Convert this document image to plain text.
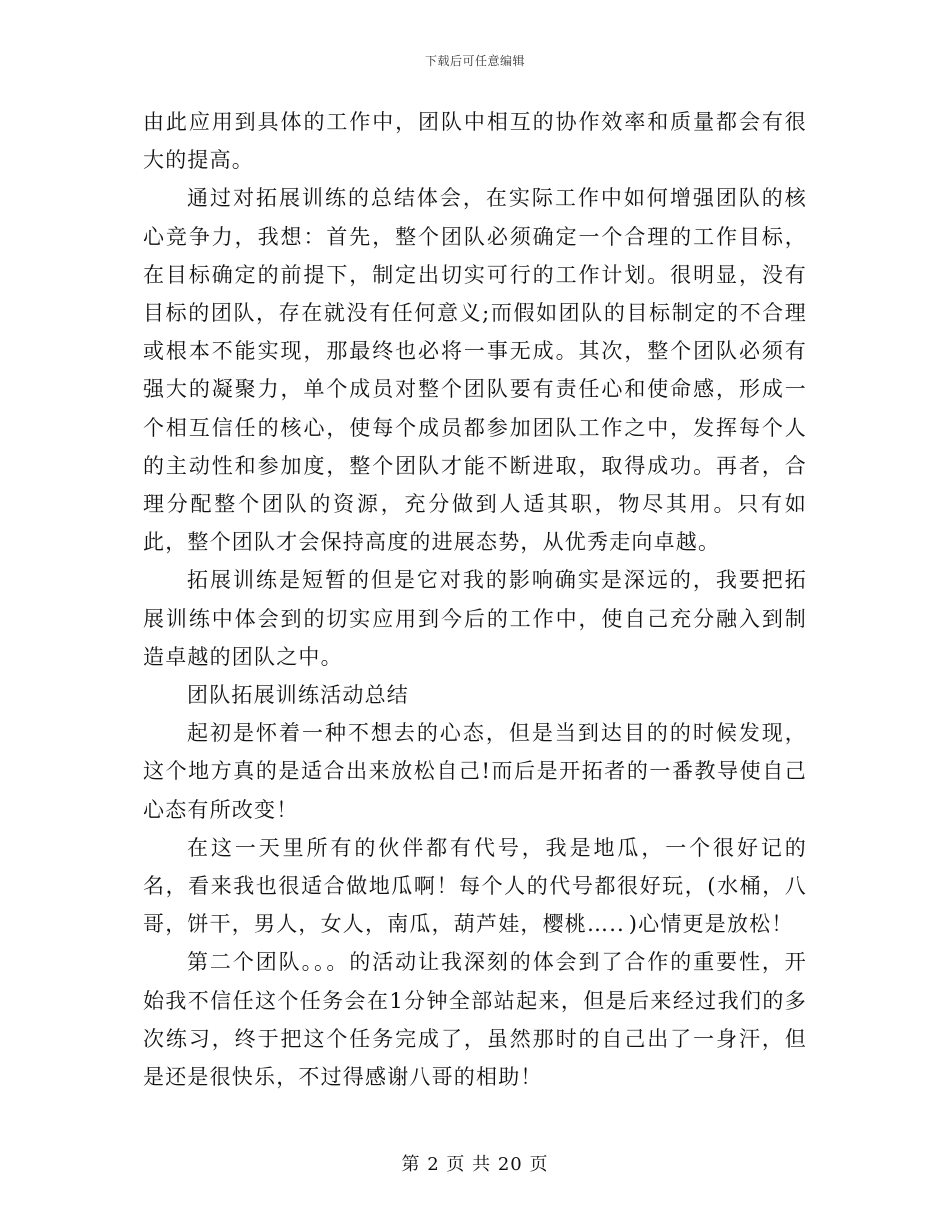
下载后可任意编辑

由此应用到具体的工作中，团队中相互的协作效率和质量都会有很大的提高。

通过对拓展训练的总结体会，在实际工作中如何增强团队的核心竞争力，我想：首先，整个团队必须确定一个合理的工作目标，在目标确定的前提下，制定出切实可行的工作计划。很明显，没有目标的团队，存在就没有任何意义;而假如团队的目标制定的不合理或根本不能实现，那最终也必将一事无成。其次，整个团队必须有强大的凝聚力，单个成员对整个团队要有责任心和使命感，形成一个相互信任的核心，使每个成员都参加团队工作之中，发挥每个人的主动性和参加度，整个团队才能不断进取，取得成功。再者，合理分配整个团队的资源，充分做到人适其职，物尽其用。只有如此，整个团队才会保持高度的进展态势，从优秀走向卓越。

拓展训练是短暂的但是它对我的影响确实是深远的，我要把拓展训练中体会到的切实应用到今后的工作中，使自己充分融入到制造卓越的团队之中。

团队拓展训练活动总结

起初是怀着一种不想去的心态，但是当到达目的的时候发现，这个地方真的是适合出来放松自己!而后是开拓者的一番教导使自己心态有所改变！

在这一天里所有的伙伴都有代号，我是地瓜，一个很好记的名，看来我也很适合做地瓜啊！每个人的代号都很好玩，(水桶，八哥，饼干，男人，女人，南瓜，葫芦娃，樱桃….．)心情更是放松！

第二个团队。。。的活动让我深刻的体会到了合作的重要性，开始我不信任这个任务会在1分钟全部站起来，但是后来经过我们的多次练习，终于把这个任务完成了，虽然那时的自己出了一身汗，但是还是很快乐，不过得感谢八哥的相助！

第 2 页 共 20 页
